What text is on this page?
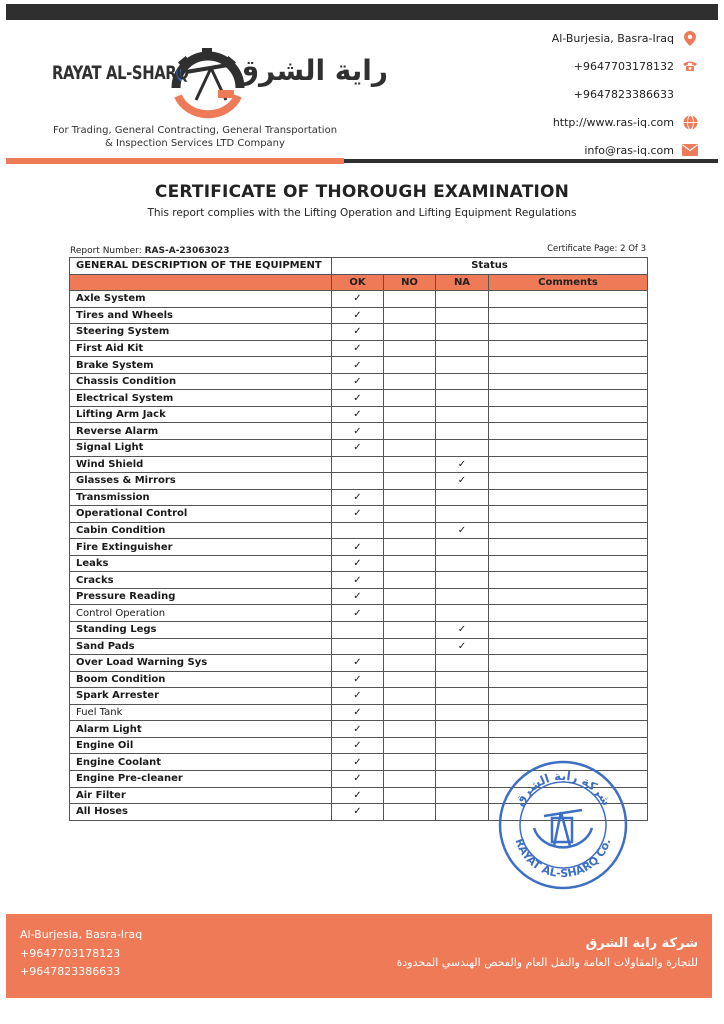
RAYAT AL-SHARQ راية الشرق
For Trading, General Contracting, General Transportation
& Inspection Services LTD Company
Al-Burjesia, Basra-Iraq
+9647703178132
+9647823386633
http://www.ras-iq.com
info@ras-iq.com
CERTIFICATE OF THOROUGH EXAMINATION
This report complies with the Lifting Operation and Lifting Equipment Regulations
Report Number: RAS-A-23063023	Certificate Page: 2 Of 3
GENERAL DESCRIPTION OF THE EQUIPMENT	Status			
	OK	NO	NA	Comments
Axle System	✓			
Tires and Wheels	✓			
Steering System	✓			
First Aid Kit	✓			
Brake System	✓			
Chassis Condition	✓			
Electrical System	✓			
Lifting Arm Jack	✓			
Reverse Alarm	✓			
Signal Light	✓			
Wind Shield			✓	
Glasses & Mirrors			✓	
Transmission	✓			
Operational Control	✓			
Cabin Condition			✓	
Fire Extinguisher	✓			
Leaks	✓			
Cracks	✓			
Pressure Reading	✓			
Control Operation	✓			
Standing Legs			✓	
Sand Pads			✓	
Over Load Warning Sys	✓			
Boom Condition	✓			
Spark Arrester	✓			
Fuel Tank	✓			
Alarm Light	✓			
Engine Oil	✓			
Engine Coolant	✓			
Engine Pre-cleaner	✓			
Air Filter	✓			
All Hoses	✓			
شركة راية الشرق
RAYAT AL-SHARQ Co.
Al-Burjesia, Basra-Iraq
+9647703178123
+9647823386633
شركة راية الشرق
للتجارة والمقاولات العامة والنقل العام والفحص الهندسي المحدودة
